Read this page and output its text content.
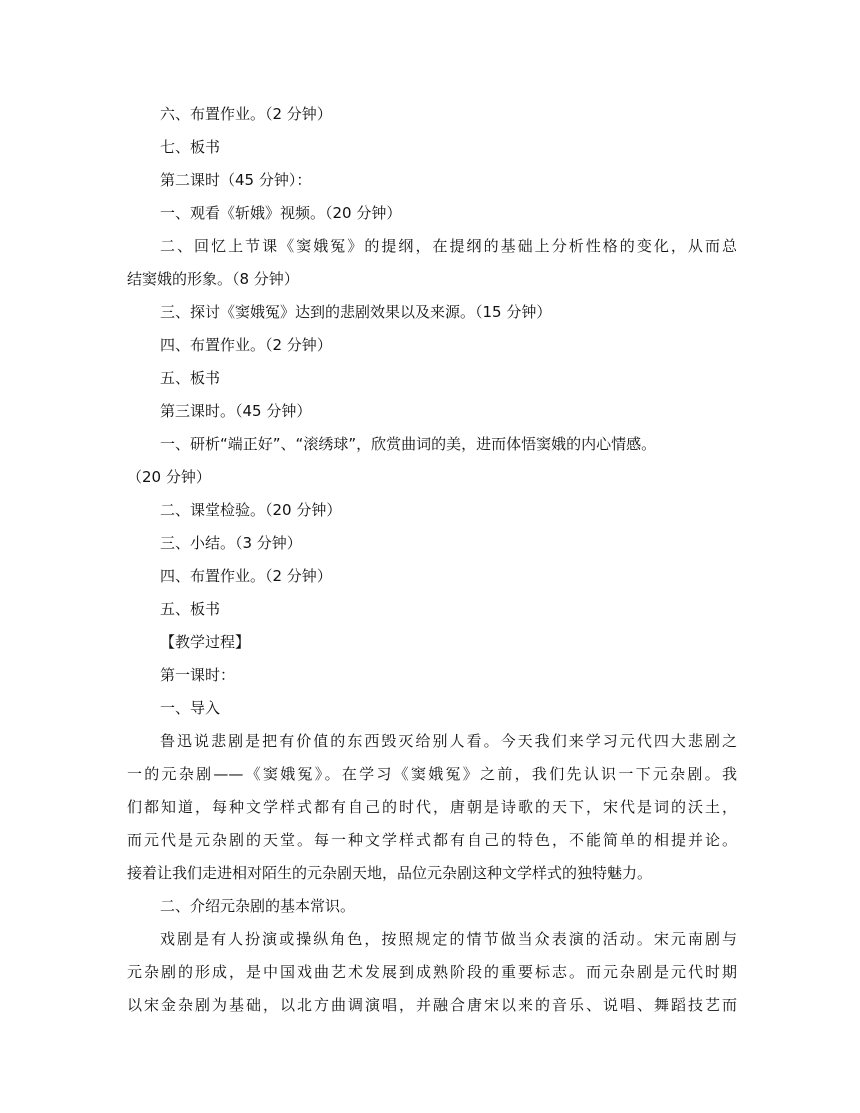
六、布置作业。（2 分钟）

七、板书

第二课时（45 分钟）：

一、观看《斩娥》视频。（20 分钟）

二、回忆上节课《窦娥冤》的提纲，在提纲的基础上分析性格的变化，从而总

结窦娥的形象。（8 分钟）

三、探讨《窦娥冤》达到的悲剧效果以及来源。（15 分钟）

四、布置作业。（2 分钟）

五、板书

第三课时。（45 分钟）

一、研析“端正好”、“滚绣球”，欣赏曲词的美，进而体悟窦娥的内心情感。

（20 分钟）

二、课堂检验。（20 分钟）

三、小结。（3 分钟）

四、布置作业。（2 分钟）

五、板书

【教学过程】

第一课时：

一、导入

鲁迅说悲剧是把有价值的东西毁灭给别人看。今天我们来学习元代四大悲剧之

一的元杂剧——《窦娥冤》。在学习《窦娥冤》之前，我们先认识一下元杂剧。我

们都知道，每种文学样式都有自己的时代，唐朝是诗歌的天下，宋代是词的沃土，

而元代是元杂剧的天堂。每一种文学样式都有自己的特色，不能简单的相提并论。

接着让我们走进相对陌生的元杂剧天地，品位元杂剧这种文学样式的独特魅力。

二、介绍元杂剧的基本常识。

戏剧是有人扮演或操纵角色，按照规定的情节做当众表演的活动。宋元南剧与

元杂剧的形成，是中国戏曲艺术发展到成熟阶段的重要标志。而元杂剧是元代时期

以宋金杂剧为基础，以北方曲调演唱，并融合唐宋以来的音乐、说唱、舞蹈技艺而
